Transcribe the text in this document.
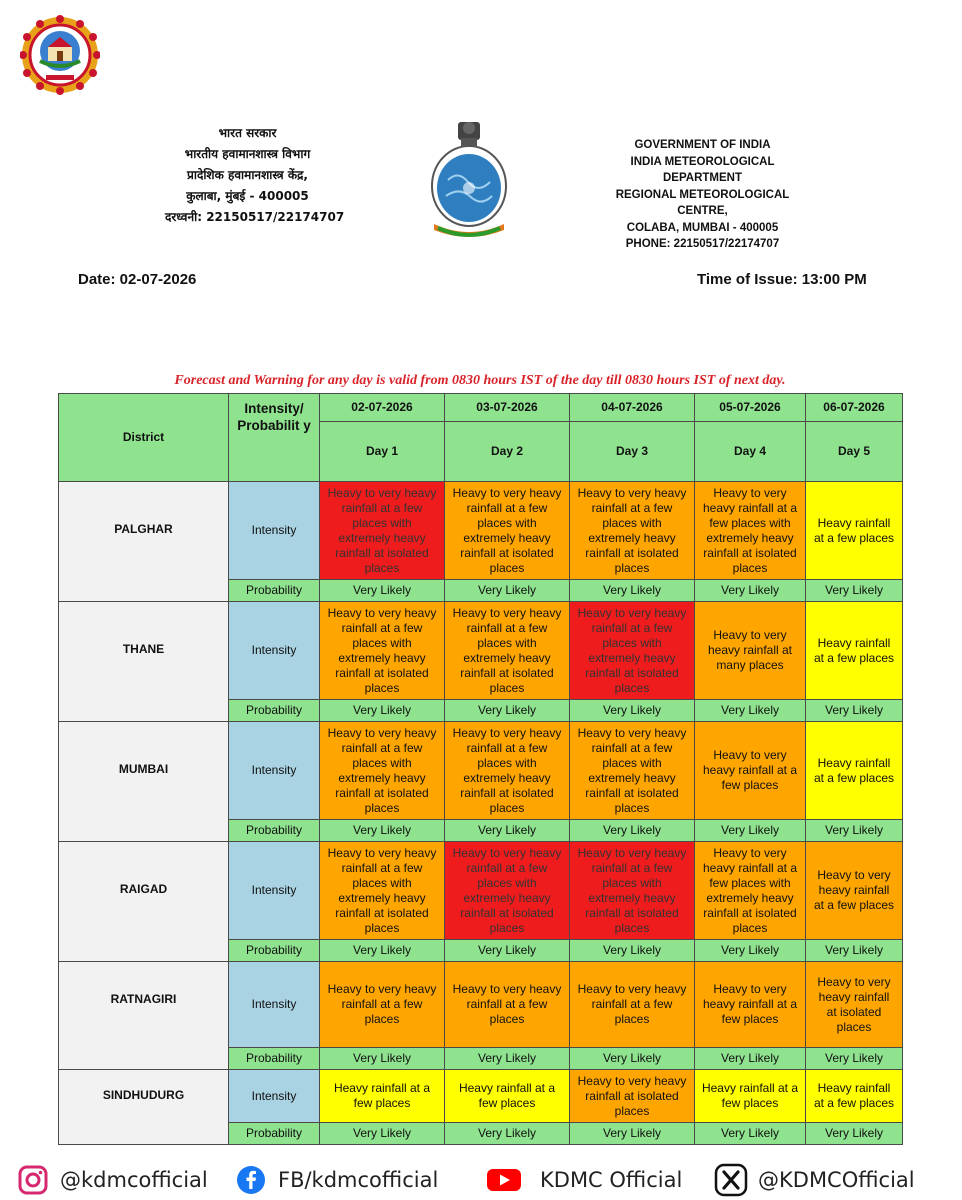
भारत सरकार
भारतीय हवामानशास्त्र विभाग
प्रादेशिक हवामानशास्त्र केंद्र,
कुलाबा, मुंबई - 400005
दरध्वनी: 22150517/22174707
GOVERNMENT OF INDIA
INDIA METEOROLOGICAL DEPARTMENT
REGIONAL METEOROLOGICAL CENTRE,
COLABA, MUMBAI - 400005
PHONE: 22150517/22174707
Date: 02-07-2026	Time of Issue: 13:00 PM
Forecast and Warning for any day is valid from 0830 hours IST of the day till 0830 hours IST of next day.
District	Intensity/ Probabilit y	02-07-2026	03-07-2026	04-07-2026	05-07-2026	06-07-2026
		Day 1	Day 2	Day 3	Day 4	Day 5
PALGHAR	Intensity	Heavy to very heavy rainfall at a few places with extremely heavy rainfall at isolated places	Heavy to very heavy rainfall at a few places with extremely heavy rainfall at isolated places	Heavy to very heavy rainfall at a few places with extremely heavy rainfall at isolated places	Heavy to very heavy rainfall at a few places with extremely heavy rainfall at isolated places	Heavy rainfall at a few places
	Probability	Very Likely	Very Likely	Very Likely	Very Likely	Very Likely
THANE	Intensity	Heavy to very heavy rainfall at a few places with extremely heavy rainfall at isolated places	Heavy to very heavy rainfall at a few places with extremely heavy rainfall at isolated places	Heavy to very heavy rainfall at a few places with extremely heavy rainfall at isolated places	Heavy to very heavy rainfall at many places	Heavy rainfall at a few places
	Probability	Very Likely	Very Likely	Very Likely	Very Likely	Very Likely
MUMBAI	Intensity	Heavy to very heavy rainfall at a few places with extremely heavy rainfall at isolated places	Heavy to very heavy rainfall at a few places with extremely heavy rainfall at isolated places	Heavy to very heavy rainfall at a few places with extremely heavy rainfall at isolated places	Heavy to very heavy rainfall at a few places	Heavy rainfall at a few places
	Probability	Very Likely	Very Likely	Very Likely	Very Likely	Very Likely
RAIGAD	Intensity	Heavy to very heavy rainfall at a few places with extremely heavy rainfall at isolated places	Heavy to very heavy rainfall at a few places with extremely heavy rainfall at isolated places	Heavy to very heavy rainfall at a few places with extremely heavy rainfall at isolated places	Heavy to very heavy rainfall at a few places with extremely heavy rainfall at isolated places	Heavy to very heavy rainfall at a few places
	Probability	Very Likely	Very Likely	Very Likely	Very Likely	Very Likely
RATNAGIRI	Intensity	Heavy to very heavy rainfall at a few places	Heavy to very heavy rainfall at a few places	Heavy to very heavy rainfall at a few places	Heavy to very heavy rainfall at a few places	Heavy to very heavy rainfall at isolated places
	Probability	Very Likely	Very Likely	Very Likely	Very Likely	Very Likely
SINDHUDURG	Intensity	Heavy rainfall at a few places	Heavy rainfall at a few places	Heavy to very heavy rainfall at isolated places	Heavy rainfall at a few places	Heavy rainfall at a few places
	Probability	Very Likely	Very Likely	Very Likely	Very Likely	Very Likely
@kdmcofficial	FB/kdmcofficial	KDMC Official	@KDMCOfficial
